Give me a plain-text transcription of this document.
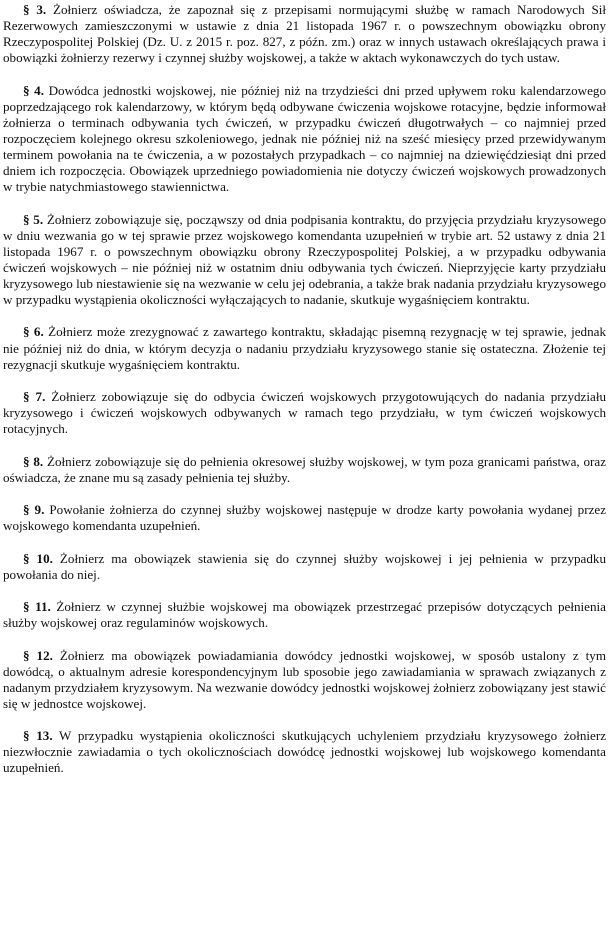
§ 3. Żołnierz oświadcza, że zapoznał się z przepisami normującymi służbę w ramach Narodowych Sił Rezerwowych zamieszczonymi w ustawie z dnia 21 listopada 1967 r. o powszechnym obowiązku obrony Rzeczypospolitej Polskiej (Dz. U. z 2015 r. poz. 827, z późn. zm.) oraz w innych ustawach określających prawa i obowiązki żołnierzy rezerwy i czynnej służby wojskowej, a także w aktach wykonawczych do tych ustaw.

§ 4. Dowódca jednostki wojskowej, nie później niż na trzydzieści dni przed upływem roku kalendarzowego poprzedzającego rok kalendarzowy, w którym będą odbywane ćwiczenia wojskowe rotacyjne, będzie informował żołnierza o terminach odbywania tych ćwiczeń, w przypadku ćwiczeń długotrwałych – co najmniej przed rozpoczęciem kolejnego okresu szkoleniowego, jednak nie później niż na sześć miesięcy przed przewidywanym terminem powołania na te ćwiczenia, a w pozostałych przypadkach – co najmniej na dziewięćdziesiąt dni przed dniem ich rozpoczęcia. Obowiązek uprzedniego powiadomienia nie dotyczy ćwiczeń wojskowych prowadzonych w trybie natychmiastowego stawiennictwa.

§ 5. Żołnierz zobowiązuje się, począwszy od dnia podpisania kontraktu, do przyjęcia przydziału kryzysowego w dniu wezwania go w tej sprawie przez wojskowego komendanta uzupełnień w trybie art. 52 ustawy z dnia 21 listopada 1967 r. o powszechnym obowiązku obrony Rzeczypospolitej Polskiej, a w przypadku odbywania ćwiczeń wojskowych – nie później niż w ostatnim dniu odbywania tych ćwiczeń. Nieprzyjęcie karty przydziału kryzysowego lub niestawienie się na wezwanie w celu jej odebrania, a także brak nadania przydziału kryzysowego w przypadku wystąpienia okoliczności wyłączających to nadanie, skutkuje wygaśnięciem kontraktu.

§ 6. Żołnierz może zrezygnować z zawartego kontraktu, składając pisemną rezygnację w tej sprawie, jednak nie później niż do dnia, w którym decyzja o nadaniu przydziału kryzysowego stanie się ostateczna. Złożenie tej rezygnacji skutkuje wygaśnięciem kontraktu.

§ 7. Żołnierz zobowiązuje się do odbycia ćwiczeń wojskowych przygotowujących do nadania przydziału kryzysowego i ćwiczeń wojskowych odbywanych w ramach tego przydziału, w tym ćwiczeń wojskowych rotacyjnych.

§ 8. Żołnierz zobowiązuje się do pełnienia okresowej służby wojskowej, w tym poza granicami państwa, oraz oświadcza, że znane mu są zasady pełnienia tej służby.

§ 9. Powołanie żołnierza do czynnej służby wojskowej następuje w drodze karty powołania wydanej przez wojskowego komendanta uzupełnień.

§ 10. Żołnierz ma obowiązek stawienia się do czynnej służby wojskowej i jej pełnienia w przypadku powołania do niej.

§ 11. Żołnierz w czynnej służbie wojskowej ma obowiązek przestrzegać przepisów dotyczących pełnienia służby wojskowej oraz regulaminów wojskowych.

§ 12. Żołnierz ma obowiązek powiadamiania dowódcy jednostki wojskowej, w sposób ustalony z tym dowódcą, o aktualnym adresie korespondencyjnym lub sposobie jego zawiadamiania w sprawach związanych z nadanym przydziałem kryzysowym. Na wezwanie dowódcy jednostki wojskowej żołnierz zobowiązany jest stawić się w jednostce wojskowej.

§ 13. W przypadku wystąpienia okoliczności skutkujących uchyleniem przydziału kryzysowego żołnierz niezwłocznie zawiadamia o tych okolicznościach dowódcę jednostki wojskowej lub wojskowego komendanta uzupełnień.
